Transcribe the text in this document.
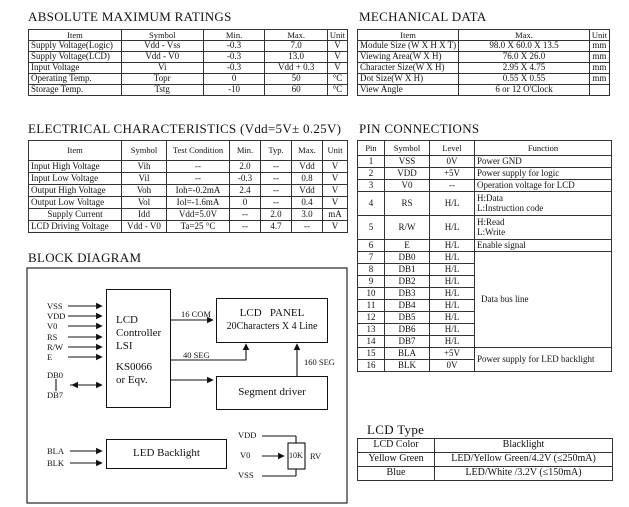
ABSOLUTE MAXIMUM RATINGS
Item	Symbol	Min.	Max.	Unit
Supply Voltage(Logic)	Vdd - Vss	-0.3	7.0	V
Supply Voltage(LCD)	Vdd - V0	-0.3	13.0	V
Input Voltage	Vi	-0.3	Vdd + 0.3	V
Operating Temp.	Topr	0	50	°C
Storage Temp.	Tstg	-10	60	°C
MECHANICAL DATA
Item	Max.	Unit
Module Size (W X H X T)	98.0 X 60.0 X 13.5	mm
Viewing Area(W X H)	76.0 X 26.0	mm
Character Size(W X H)	2.95 X 4.75	mm
Dot Size(W X H)	0.55 X 0.55	mm
View Angle	6 or 12 O'Clock	
ELECTRICAL CHARACTERISTICS (Vdd=5V± 0.25V)
Item	Symbol	Test Condition	Min.	Typ.	Max.	Unit
Input High Voltage	Vih	--	2.0	--	Vdd	V
Input Low Voltage	Vil	--	-0.3	--	0.8	V
Output High Voltage	Voh	Ioh=-0.2mA	2.4	--	Vdd	V
Output Low Voltage	Vol	Iol=-1.6mA	0	--	0.4	V
Supply Current	Idd	Vdd=5.0V	--	2.0	3.0	mA
LCD Driving Voltage	Vdd - V0	Ta=25 °C	--	4.7	--	V
PIN CONNECTIONS
Pin	Symbol	Level	Function
1	VSS	0V	Power GND
2	VDD	+5V	Power supply for logic
3	V0	--	Operation voltage for LCD
4	RS	H/L	H:Data
L:Instruction code

5	R/W	H/L	H:Read
L:Write

6	E	H/L	Enable signal
7	DB0	H/L	Data bus line
8	DB1	H/L	
9	DB2	H/L	
10	DB3	H/L	
11	DB4	H/L	
12	DB5	H/L	
13	DB6	H/L	
14	DB7	H/L	
15	BLA	+5V	Power supply for LED backlight
16	BLK	0V	
LCD Type
LCD Color	Blacklight
Yellow Green	LED/Yellow Green/4.2V (≤250mA)
Blue	LED/White /3.2V (≤150mA)
BLOCK DIAGRAM
VSS
VDD
V0
RS
R/W
E
DB0
DB7
LCD
Controller
LSI
KS0066
or Eqv.
LCD   PANEL
20Characters X 4 Line
Segment driver
16 COM
40 SEG
160 SEG
BLA
BLK
LED Backlight
VDD
V0
VSS
10K RV
